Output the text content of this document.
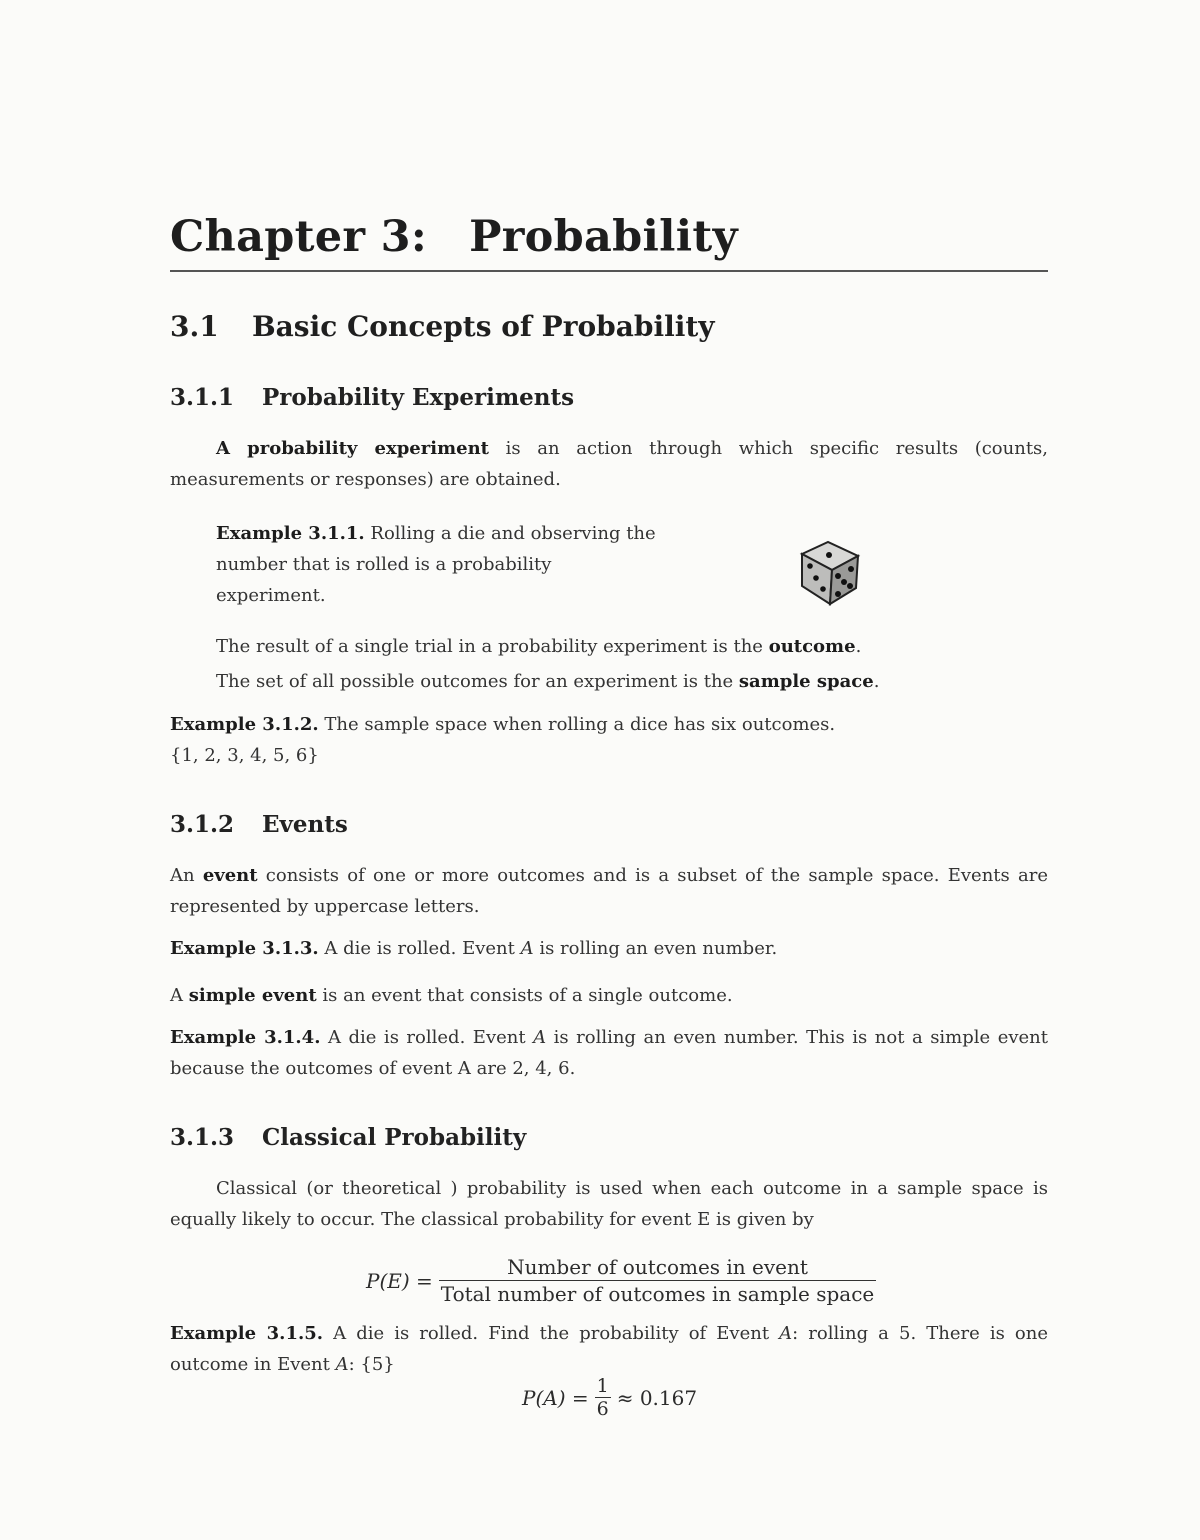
Chapter 3: Probability
3.1 Basic Concepts of Probability
3.1.1 Probability Experiments

A probability experiment is an action through which specific results (counts, measurements or responses) are obtained.

Example 3.1.1. Rolling a die and observing the number that is rolled is a probability experiment.

The result of a single trial in a probability experiment is the outcome.

The set of all possible outcomes for an experiment is the sample space.

Example 3.1.2. The sample space when rolling a dice has six outcomes.
{1, 2, 3, 4, 5, 6}

3.1.2 Events

An event consists of one or more outcomes and is a subset of the sample space. Events are represented by uppercase letters.

Example 3.1.3. A die is rolled. Event A is rolling an even number.

A simple event is an event that consists of a single outcome.

Example 3.1.4. A die is rolled. Event A is rolling an even number. This is not a simple event because the outcomes of event A are 2, 4, 6.

3.1.3 Classical Probability

Classical (or theoretical ) probability is used when each outcome in a sample space is equally likely to occur. The classical probability for event E is given by

$P(E) = \frac{\text{Number of outcomes in event}}{\text{Total number of outcomes in sample space}}$

Example 3.1.5. A die is rolled. Find the probability of Event A: rolling a 5. There is one outcome in Event A: {5}

$P(A) = \frac{1}{6} \approx 0.167$
